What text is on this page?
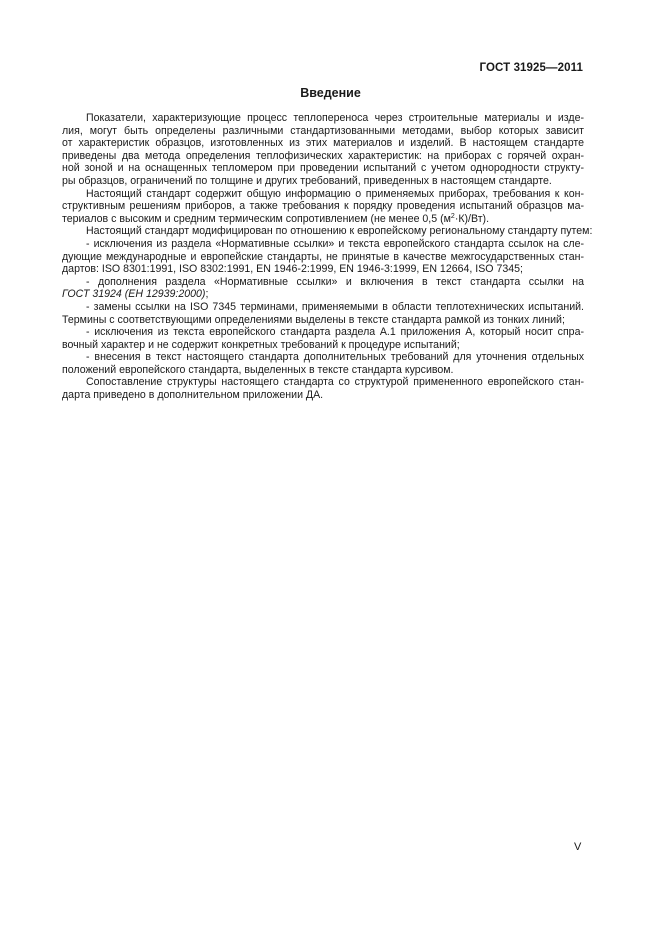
ГОСТ 31925—2011
Введение
Показатели, характеризующие процесс теплопереноса через строительные материалы и изде-
лия, могут быть определены различными стандартизованными методами, выбор которых зависит
от характеристик образцов, изготовленных из этих материалов и изделий. В настоящем стандарте
приведены два метода определения теплофизических характеристик: на приборах с горячей охран-
ной зоной и на оснащенных тепломером при проведении испытаний с учетом однородности структу-
ры образцов, ограничений по толщине и других требований, приведенных в настоящем стандарте.
Настоящий стандарт содержит общую информацию о применяемых приборах, требования к кон-
структивным решениям приборов, а также требования к порядку проведения испытаний образцов ма-
териалов с высоким и средним термическим сопротивлением (не менее 0,5 $(м^2\cdot К)/Вт$).
Настоящий стандарт модифицирован по отношению к европейскому региональному стандарту путем:
- исключения из раздела «Нормативные ссылки» и текста европейского стандарта ссылок на сле-
дующие международные и европейские стандарты, не принятые в качестве межгосударственных стан-
дартов: ISO 8301:1991, ISO 8302:1991, EN 1946-2:1999, EN 1946-3:1999, EN 12664, ISO 7345;
- дополнения раздела «Нормативные ссылки» и включения в текст стандарта ссылки на
ГОСТ 31924 (ЕН 12939:2000);
- замены ссылки на ISO 7345 терминами, применяемыми в области теплотехнических испытаний.
Термины с соответствующими определениями выделены в тексте стандарта рамкой из тонких линий;
- исключения из текста европейского стандарта раздела А.1 приложения А, который носит спра-
вочный характер и не содержит конкретных требований к процедуре испытаний;
- внесения в текст настоящего стандарта дополнительных требований для уточнения отдельных
положений европейского стандарта, выделенных в тексте стандарта курсивом.
Сопоставление структуры настоящего стандарта со структурой примененного европейского стан-
дарта приведено в дополнительном приложении ДА.
V
